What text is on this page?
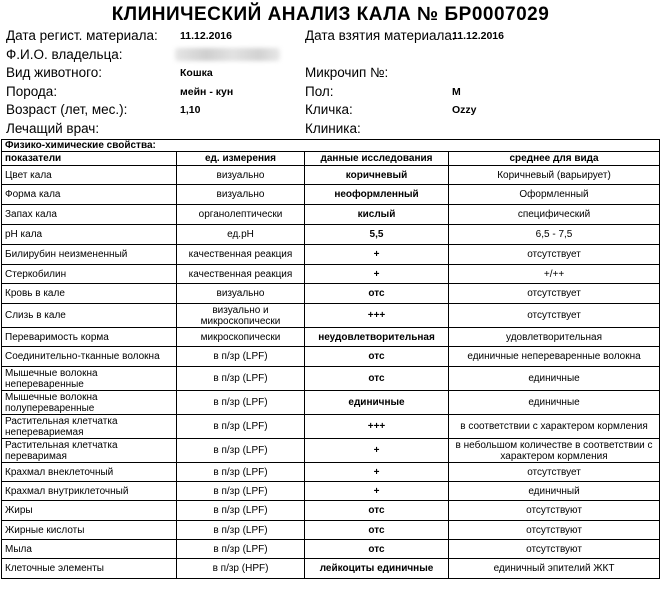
КЛИНИЧЕСКИЙ АНАЛИЗ КАЛА № БР0007029
Дата регист. материала: 11.12.2016	Дата взятия материала:
11.12.2016
Ф.И.О. владельца:
Вид животного:	Кошка	Микрочип №:
Порода:	мейн - кун	Пол:	М
Возраст (лет, мес.):	1,10	Кличка:	Ozzy
Лечащий врач:	Клиника:
Физико-химические свойства:			
показатели	ед. измерения	данные исследования	среднее для вида
Цвет кала	визуально	коричневый	Коричневый (варьирует)
Форма кала	визуально	неоформленный	Оформленный
Запах кала	органолептически	кислый	специфический
pH кала	ед.pH	5,5	6,5 - 7,5
Билирубин неизмененный	качественная реакция	+	отсутствует
Стеркобилин	качественная реакция	+	+/++
Кровь в кале	визуально	отс	отсутствует
Слизь в кале	визуально и микроскопически	+++	отсутствует
Переваримость корма	микроскопически	неудовлетворительная	удовлетворительная
Соединительно-тканные волокна	в п/зр (LPF)	отс	единичные непереваренные волокна
Мышечные волокна непереваренные	в п/зр (LPF)	отс	единичные
Мышечные волокна полупереваренные	в п/зр (LPF)	единичные	единичные
Растительная клетчатка неперевариемая	в п/зр (LPF)	+++	в соответствии с характером кормления
Растительная клетчатка переваримая	в п/зр (LPF)	+	в небольшом количестве в соответствии с характером кормления
Крахмал внеклеточный	в п/зр (LPF)	+	отсутствует
Крахмал внутриклеточный	в п/зр (LPF)	+	единичный
Жиры	в п/зр (LPF)	отс	отсутствуют
Жирные кислоты	в п/зр (LPF)	отс	отсутствуют
Мыла	в п/зр (LPF)	отс	отсутствуют
Клеточные элементы	в п/зр (HPF)	лейкоциты единичные	единичный эпителий ЖКТ
